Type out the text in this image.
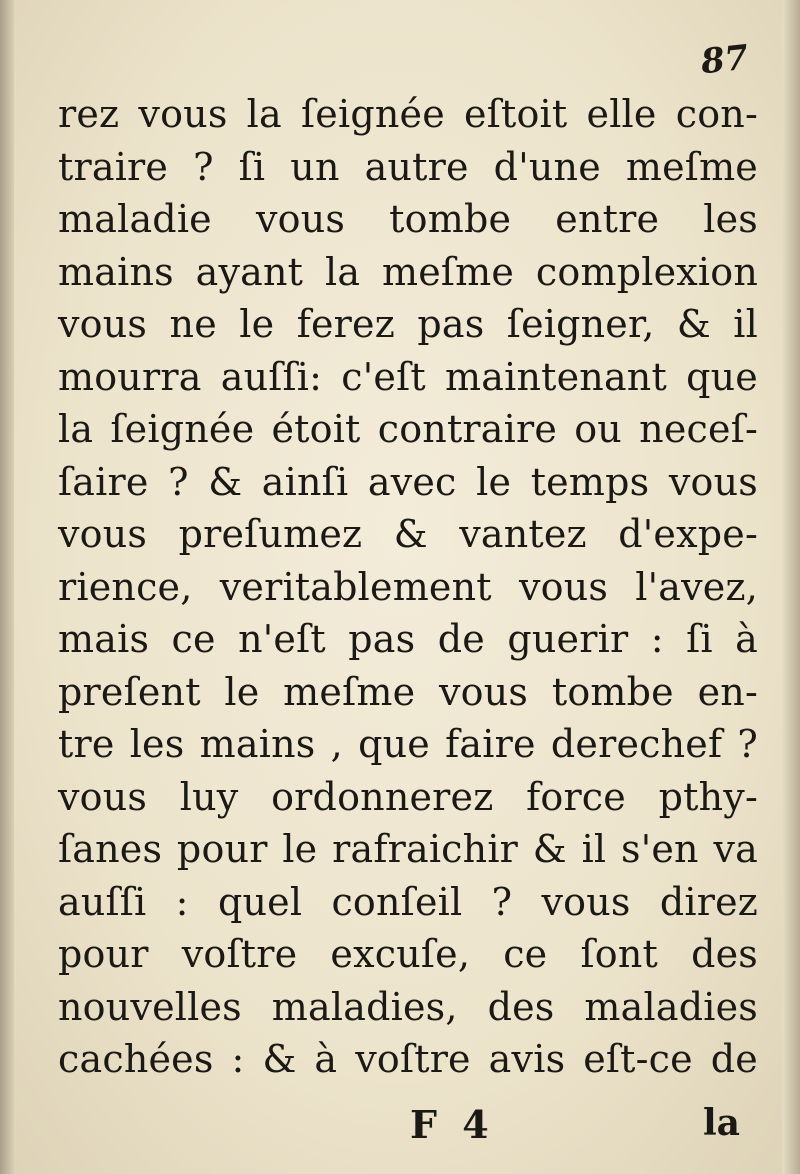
87
rez vous la ſeignée eſtoit elle con-
traire ? ſi un autre d'une meſme
maladie vous tombe entre les
mains ayant la meſme complexion
vous ne le ferez pas ſeigner, & il
mourra auſſi: c'eſt maintenant que
la ſeignée étoit contraire ou neceſ-
ſaire ? & ainſi avec le temps vous
vous preſumez & vantez d'expe-
rience, veritablement vous l'avez,
mais ce n'eſt pas de guerir : ſi à
preſent le meſme vous tombe en-
tre les mains , que faire derechef ?
vous luy ordonnerez force pthy-
ſanes pour le rafraichir & il s'en va
auſſi : quel conſeil ? vous direz
pour voſtre excuſe, ce ſont des
nouvelles maladies, des maladies
cachées : & à voſtre avis eſt-ce de
F 4	la
